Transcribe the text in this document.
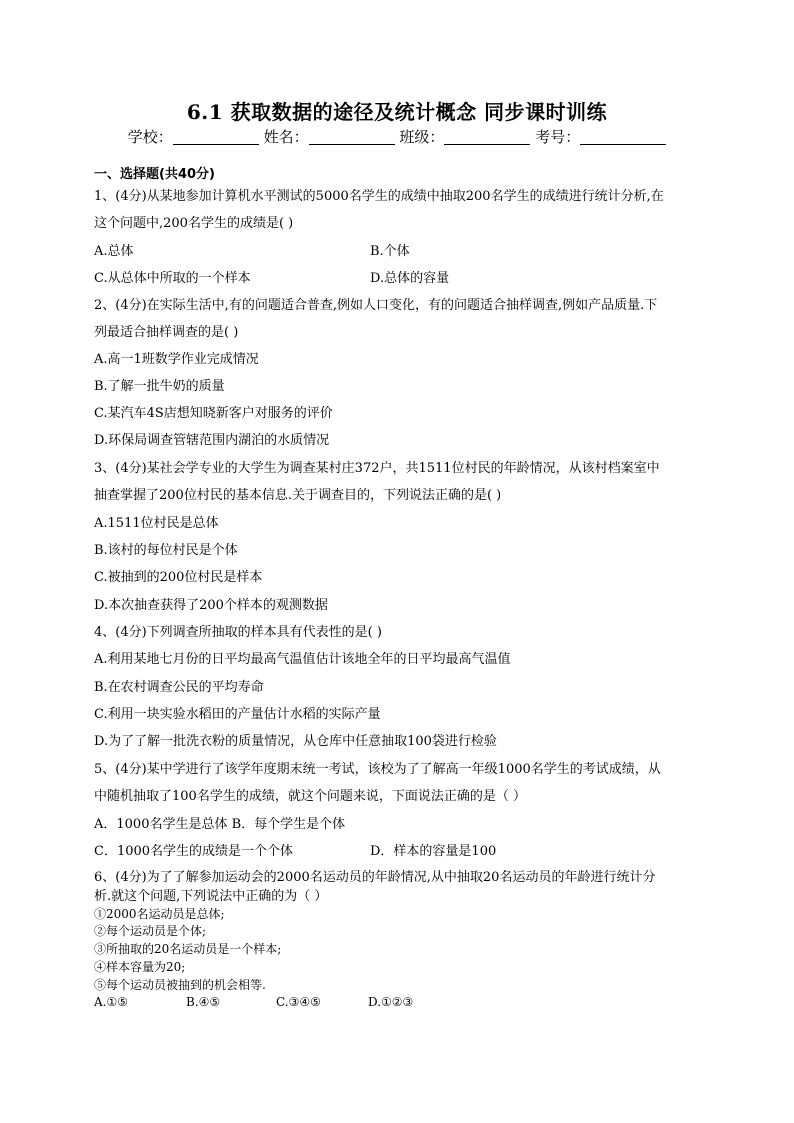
6.1 获取数据的途径及统计概念 同步课时训练
学校：	姓名：	班级：	考号：
一、选择题(共40分)
1、(4分)从某地参加计算机水平测试的5000名学生的成绩中抽取200名学生的成绩进行统计分析,在
这个问题中,200名学生的成绩是( )
A.总体	B.个体
C.从总体中所取的一个样本	D.总体的容量
2、(4分)在实际生活中,有的问题适合普查,例如人口变化，有的问题适合抽样调查,例如产品质量.下
列最适合抽样调查的是( )
A.高一1班数学作业完成情况
B.了解一批牛奶的质量
C.某汽车4S店想知晓新客户对服务的评价
D.环保局调查管辖范围内湖泊的水质情况
3、(4分)某社会学专业的大学生为调查某村庄372户，共1511位村民的年龄情况，从该村档案室中
抽查掌握了200位村民的基本信息.关于调查目的，下列说法正确的是( )
A.1511位村民是总体
B.该村的每位村民是个体
C.被抽到的200位村民是样本
D.本次抽查获得了200个样本的观测数据
4、(4分)下列调查所抽取的样本具有代表性的是( )
A.利用某地七月份的日平均最高气温值估计该地全年的日平均最高气温值
B.在农村调查公民的平均寿命
C.利用一块实验水稻田的产量估计水稻的实际产量
D.为了了解一批洗衣粉的质量情况，从仓库中任意抽取100袋进行检验
5、(4分)某中学进行了该学年度期末统一考试，该校为了了解高一年级1000名学生的考试成绩，从
中随机抽取了100名学生的成绩，就这个问题来说，下面说法正确的是（ ）
A．1000名学生是总体 B．每个学生是个体
C．1000名学生的成绩是一个个体	D．样本的容量是100
6、(4分)为了了解参加运动会的2000名运动员的年龄情况,从中抽取20名运动员的年龄进行统计分
析.就这个问题,下列说法中正确的为（ ）
①2000名运动员是总体;
②每个运动员是个体;
③所抽取的20名运动员是一个样本;
④样本容量为20;
⑤每个运动员被抽到的机会相等.
A.①⑤	B.④⑤	C.③④⑤	D.①②③
